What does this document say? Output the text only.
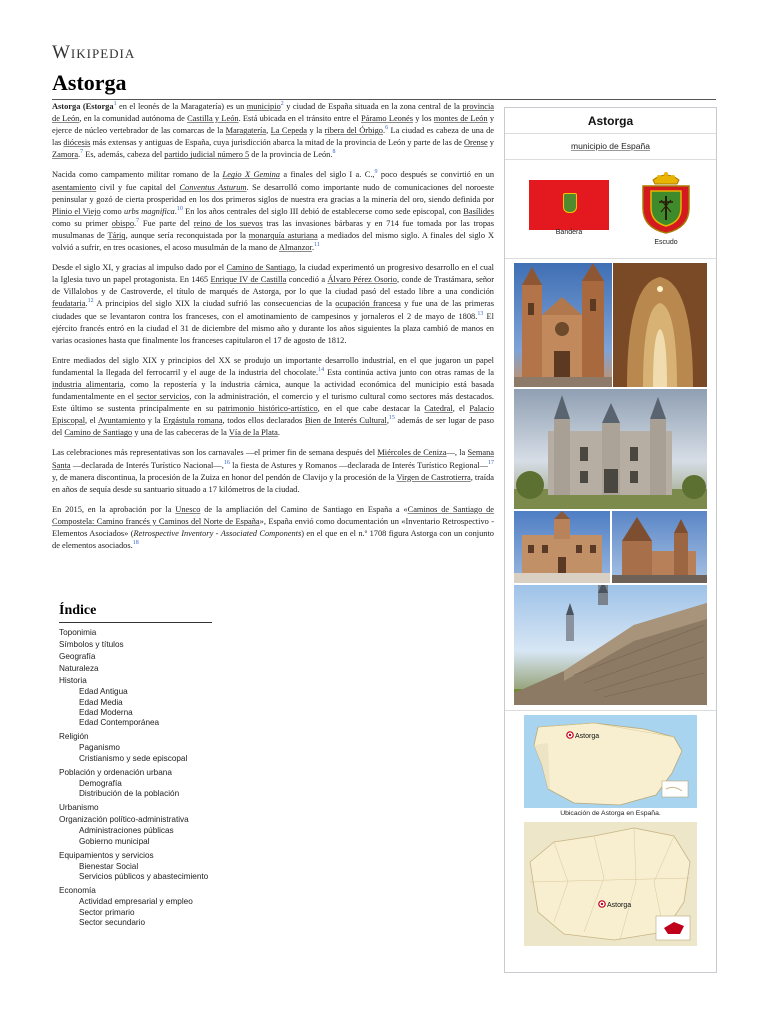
Wikipedia
Astorga

Astorga (Estorga$^1$ en el leonés de la Maragatería) es un municipio$^2$ y ciudad de España situada en la zona central de la provincia de León, en la comunidad autónoma de Castilla y León. Está ubicada en el tránsito entre el Páramo Leonés y los montes de León y ejerce de núcleo vertebrador de las comarcas de la Maragatería, La Cepeda y la ribera del Órbigo.$^6$ La ciudad es cabeza de una de las diócesis más extensas y antiguas de España, cuya jurisdicción abarca la mitad de la provincia de León y parte de las de Orense y Zamora.$^7$ Es, además, cabeza del partido judicial número 5 de la provincia de León.$^8$

Nacida como campamento militar romano de la Legio X Gemina a finales del siglo I a. C.,$^9$ poco después se convirtió en un asentamiento civil y fue capital del Conventus Asturum. Se desarrolló como importante nudo de comunicaciones del noroeste peninsular y gozó de cierta prosperidad en los dos primeros siglos de nuestra era gracias a la minería del oro, siendo definida por Plinio el Viejo como urbs magnifica.$^{10}$ En los años centrales del siglo III debió de establecerse como sede episcopal, con Basílides como su primer obispo.$^7$ Fue parte del reino de los suevos tras las invasiones bárbaras y en 714 fue tomada por las tropas musulmanas de Táriq, aunque sería reconquistada por la monarquía asturiana a mediados del mismo siglo. A finales del siglo X volvió a sufrir, en tres ocasiones, el acoso musulmán de la mano de Almanzor.$^{11}$

Desde el siglo XI, y gracias al impulso dado por el Camino de Santiago, la ciudad experimentó un progresivo desarrollo en el cual la Iglesia tuvo un papel protagonista. En 1465 Enrique IV de Castilla concedió a Álvaro Pérez Osorio, conde de Trastámara, señor de Villalobos y de Castroverde, el título de marqués de Astorga, por lo que la ciudad pasó del estado libre a una condición feudataria.$^{12}$ A principios del siglo XIX la ciudad sufrió las consecuencias de la ocupación francesa y fue una de las primeras ciudades que se levantaron contra los franceses, con el amotinamiento de campesinos y jornaleros el 2 de mayo de 1808.13 El ejército francés entró en la ciudad el 31 de diciembre del mismo año y durante los años siguientes la plaza cambió de manos en varias ocasiones hasta que finalmente los franceses capitularon el 17 de agosto de 1812.

Entre mediados del siglo XIX y principios del XX se produjo un importante desarrollo industrial, en el que jugaron un papel fundamental la llegada del ferrocarril y el auge de la industria del chocolate.$^{14}$ Esta continúa activa junto con otras ramas de la industria alimentaria, como la repostería y la industria cárnica, aunque la actividad económica del municipio está basada fundamentalmente en el sector servicios, con la administración, el comercio y el turismo cultural como sectores más destacados. Este último se sustenta principalmente en su patrimonio histórico-artístico, en el que cabe destacar la Catedral, el Palacio Episcopal, el Ayuntamiento y la Ergástula romana, todos ellos declarados Bien de Interés Cultural,$^{15}$ además de ser lugar de paso del Camino de Santiago y una de las cabeceras de la Vía de la Plata.

Las celebraciones más representativas son los carnavales —el primer fin de semana después del Miércoles de Ceniza—, la Semana Santa —declarada de Interés Turístico Nacional—,$^{16}$ la fiesta de Astures y Romanos —declarada de Interés Turístico Regional—$^{17}$ y, de manera discontinua, la procesión de la Zuiza en honor del pendón de Clavijo y la procesión de la Virgen de Castrotierra, traída en años de sequía desde su santuario situado a 17 kilómetros de la ciudad.

En 2015, en la aprobación por la Unesco de la ampliación del Camino de Santiago en España a «Caminos de Santiago de Compostela: Camino francés y Caminos del Norte de España», España envió como documentación un «Inventario Retrospectivo - Elementos Asociados» (Retrospective Inventory - Associated Components) en el que en el n.º 1708 figura Astorga con un conjunto de elementos asociados.$^{18}$

Astorga
municipio de España
Bandera
Escudo
Astorga
Ubicación de Astorga en España.
Astorga
Índice
Toponimia
Símbolos y títulos
Geografía
Naturaleza
Historia
Edad Antigua
Edad Media
Edad Moderna
Edad Contemporánea
Religión
Paganismo
Cristianismo y sede episcopal
Población y ordenación urbana
Demografía
Distribución de la población
Urbanismo
Organización político-administrativa
Administraciones públicas
Gobierno municipal
Equipamientos y servicios
Bienestar Social
Servicios públicos y abastecimiento
Economía
Actividad empresarial y empleo
Sector primario
Sector secundario
